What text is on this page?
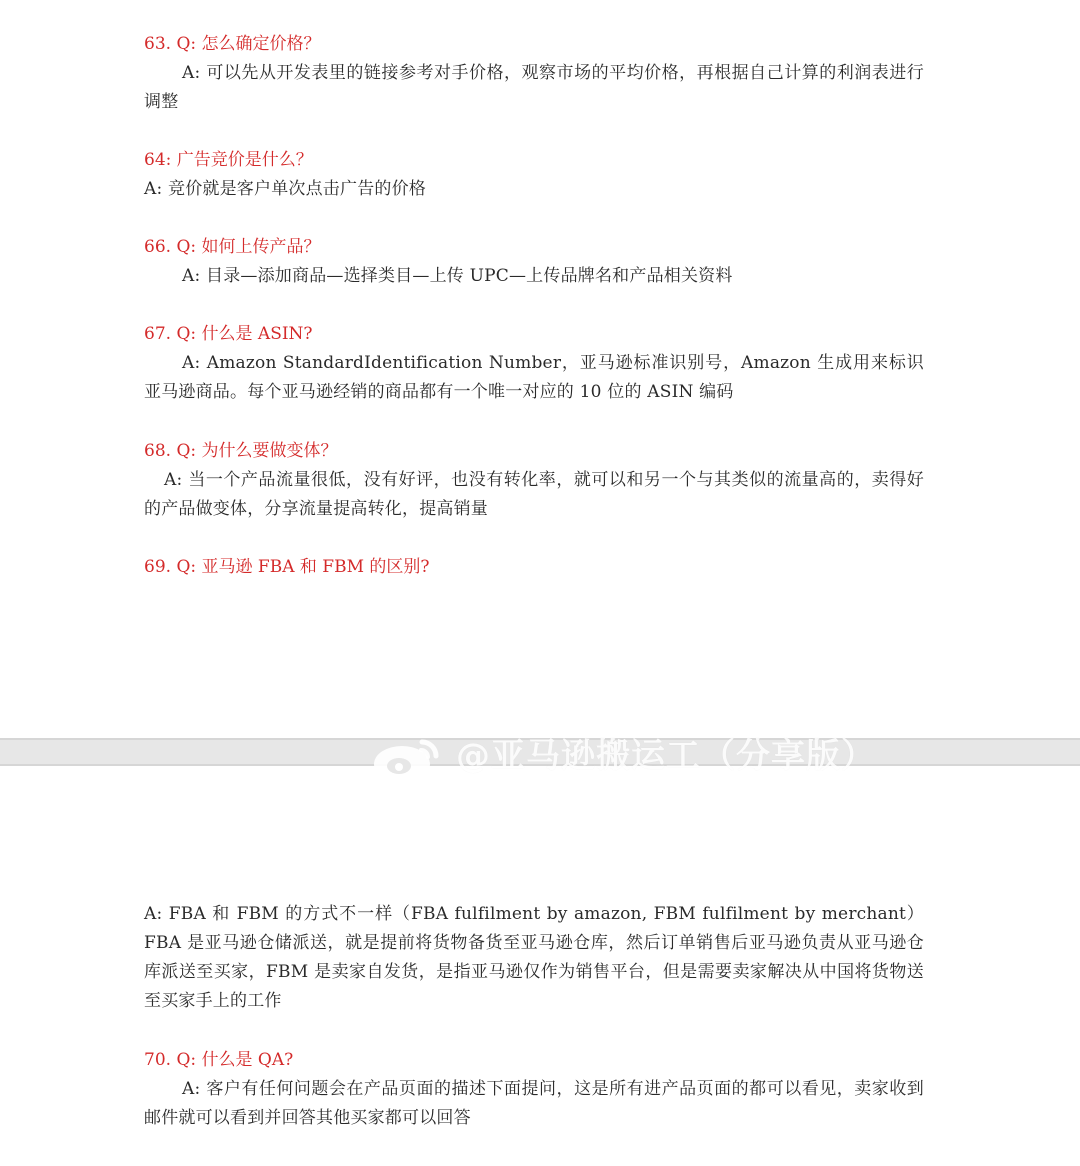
@亚马逊搬运工（分享版）
63. Q: 怎么确定价格？
A: 可以先从开发表里的链接参考对手价格，观察市场的平均价格，再根据自己计算的利润表进行调整
64: 广告竞价是什么？
A: 竞价就是客户单次点击广告的价格
66. Q: 如何上传产品？
A: 目录—添加商品—选择类目—上传 UPC—上传品牌名和产品相关资料
67. Q: 什么是 ASIN?
A: Amazon StandardIdentification Number，亚马逊标准识别号，Amazon 生成用来标识亚马逊商品。每个亚马逊经销的商品都有一个唯一对应的 10 位的 ASIN 编码
68. Q: 为什么要做变体？
A: 当一个产品流量很低，没有好评，也没有转化率，就可以和另一个与其类似的流量高的，卖得好的产品做变体，分享流量提高转化，提高销量
69. Q: 亚马逊 FBA 和 FBM 的区别?
A: FBA 和 FBM 的方式不一样（FBA fulfilment by amazon, FBM fulfilment by merchant） FBA 是亚马逊仓储派送，就是提前将货物备货至亚马逊仓库，然后订单销售后亚马逊负责从亚马逊仓库派送至买家，FBM 是卖家自发货，是指亚马逊仅作为销售平台，但是需要卖家解决从中国将货物送至买家手上的工作
70. Q: 什么是 QA?
A: 客户有任何问题会在产品页面的描述下面提问，这是所有进产品页面的都可以看见，卖家收到邮件就可以看到并回答其他买家都可以回答
